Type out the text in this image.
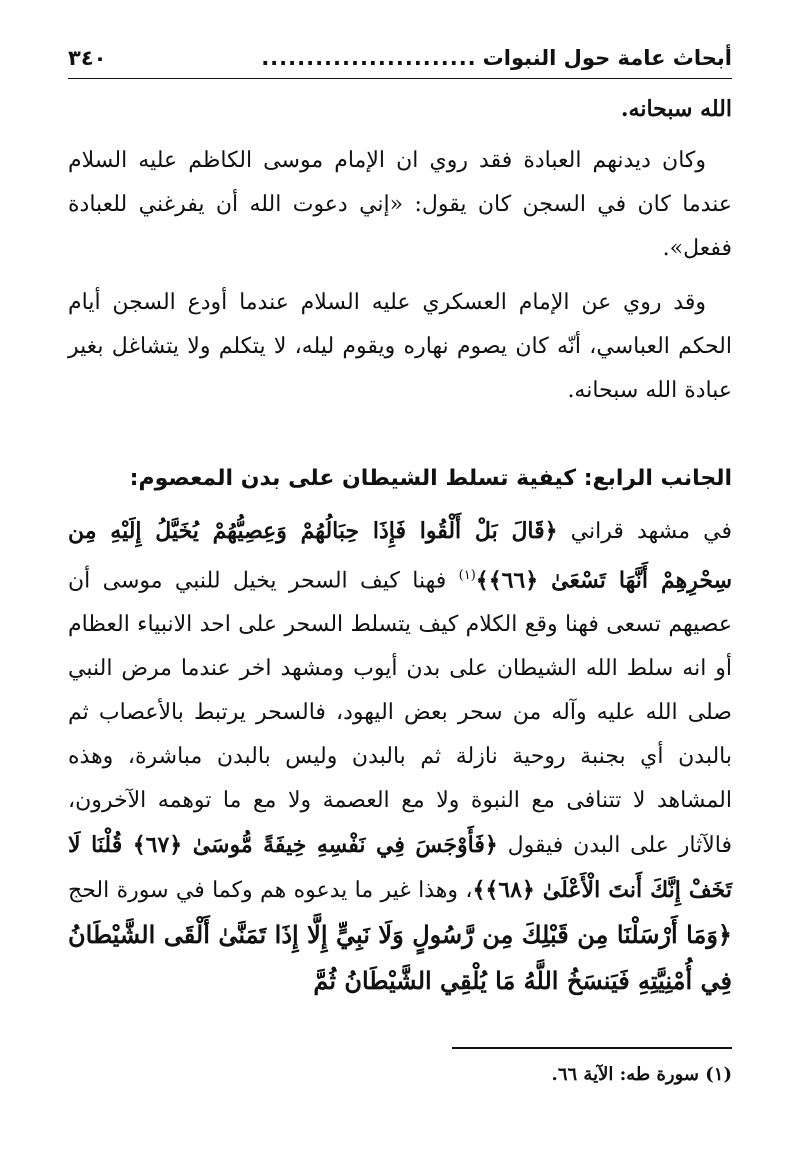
أبحاث عامة حول النبوات
........................
٣٤٠

الله سبحانه.

وكان ديدنهم العبادة فقد روي ان الإمام موسى الكاظم عليه السلام عندما كان في السجن كان يقول: «إني دعوت الله أن يفرغني للعبادة ففعل».

وقد روي عن الإمام العسكري عليه السلام عندما أودع السجن أيام الحكم العباسي، أنّه كان يصوم نهاره ويقوم ليله، لا يتكلم ولا يتشاغل بغير عبادة الله سبحانه.

الجانب الرابع: كيفية تسلط الشيطان على بدن المعصوم:

في مشهد قراني ﴿قَالَ بَلْ أَلْقُوا فَإِذَا حِبَالُهُمْ وَعِصِيُّهُمْ يُخَيَّلُ إِلَيْهِ مِن سِحْرِهِمْ أَنَّهَا تَسْعَىٰ ﴿٦٦﴾﴾$^{(١)}$ فهنا كيف السحر يخيل للنبي موسى أن عصيهم تسعى فهنا وقع الكلام كيف يتسلط السحر على احد الانبياء العظام أو انه سلط الله الشيطان على بدن أيوب ومشهد اخر عندما مرض النبي صلى الله عليه وآله من سحر بعض اليهود، فالسحر يرتبط بالأعصاب ثم بالبدن أي بجنبة روحية نازلة ثم بالبدن وليس بالبدن مباشرة، وهذه المشاهد لا تتنافى مع النبوة ولا مع العصمة ولا مع ما توهمه الآخرون، فالآثار على البدن فيقول ﴿فَأَوْجَسَ فِي نَفْسِهِ خِيفَةً مُّوسَىٰ ﴿٦٧﴾ قُلْنَا لَا تَخَفْ إِنَّكَ أَنتَ الْأَعْلَىٰ ﴿٦٨﴾﴾، وهذا غير ما يدعوه هم وكما في سورة الحج ﴿وَمَا أَرْسَلْنَا مِن قَبْلِكَ مِن رَّسُولٍ وَلَا نَبِيٍّ إِلَّا إِذَا تَمَنَّىٰ أَلْقَى الشَّيْطَانُ فِي أُمْنِيَّتِهِ فَيَنسَخُ اللَّهُ مَا يُلْقِي الشَّيْطَانُ ثُمَّ

(١) سورة طه: الآية ٦٦.
